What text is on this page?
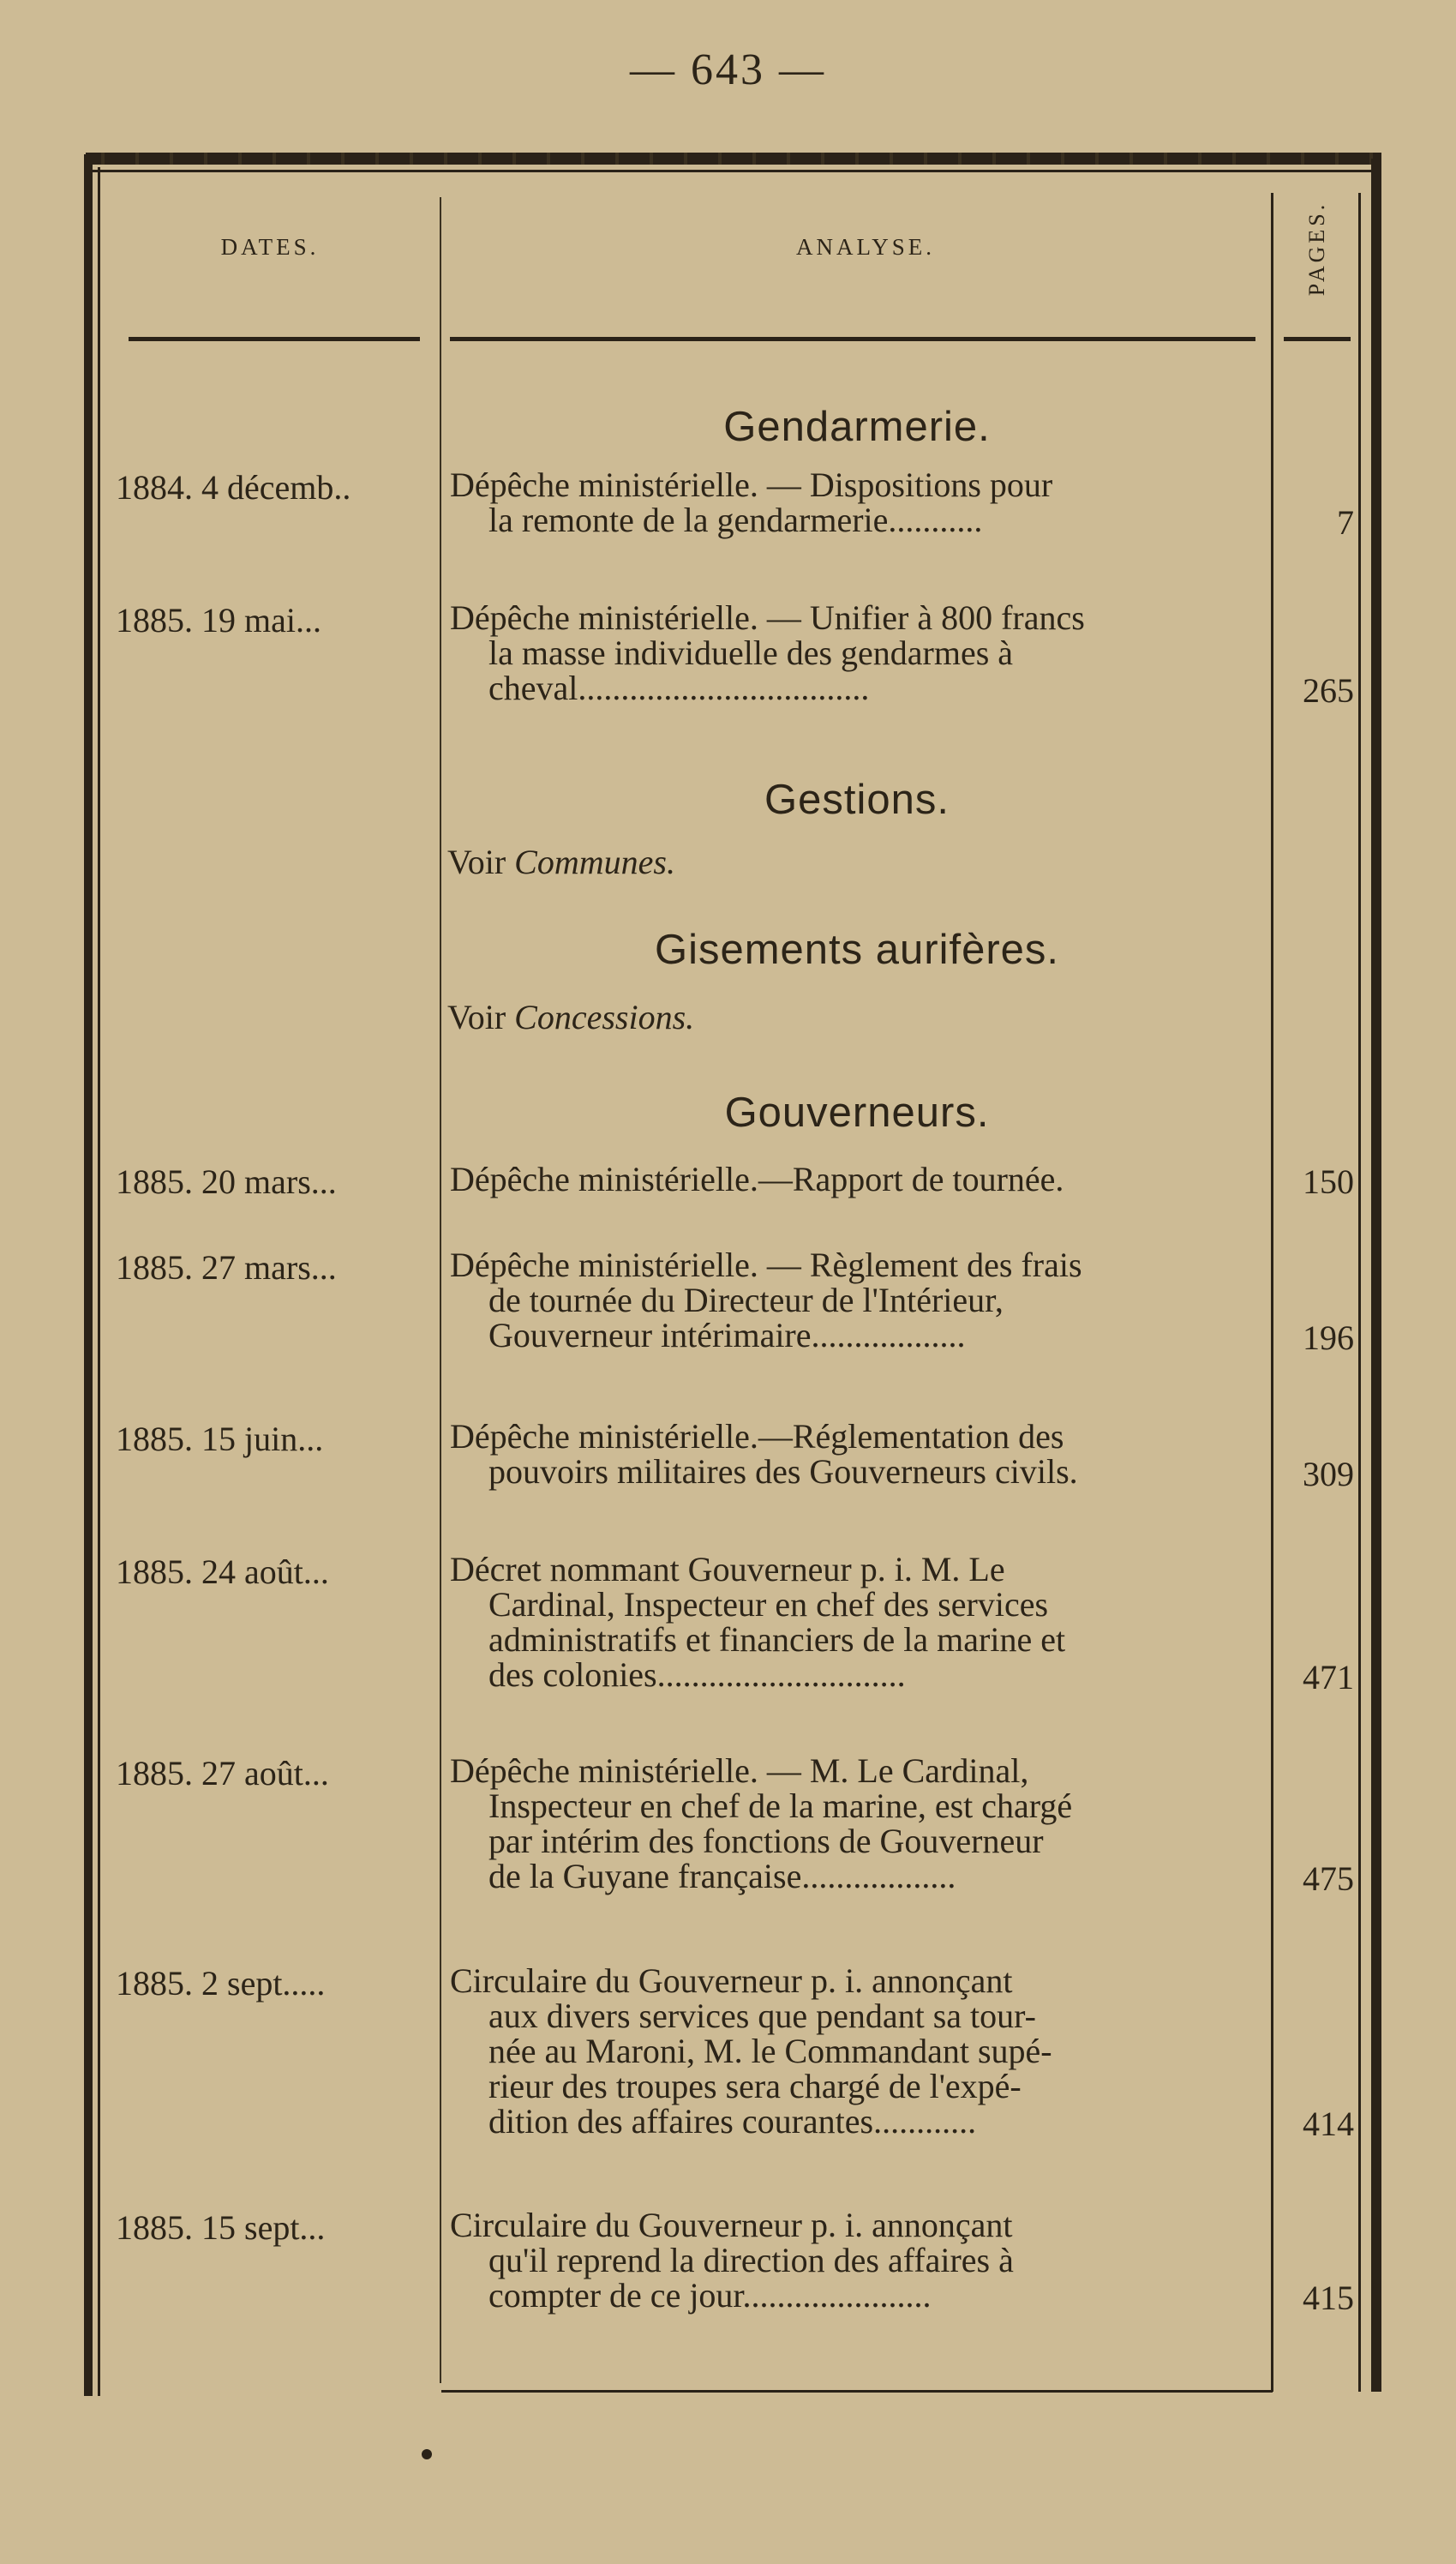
— 643 —
DATES.	ANALYSE.	PAGES.
Gendarmerie.
1884. 4 décemb..	Dépêche ministérielle. — Dispositions pour
la remonte de la gendarmerie...........	7
1885. 19 mai...	Dépêche ministérielle. — Unifier à 800 francs
la masse individuelle des gendarmes à
cheval..................................	265
Gestions.
Voir Communes.
Gisements aurifères.
Voir Concessions.
Gouverneurs.
1885. 20 mars...	Dépêche ministérielle.—Rapport de tournée.	150
1885. 27 mars...	Dépêche ministérielle. — Règlement des frais
de tournée du Directeur de l'Intérieur,
Gouverneur intérimaire..................	196
1885. 15 juin...	Dépêche ministérielle.—Réglementation des
pouvoirs militaires des Gouverneurs civils.	309
1885. 24 août...	Décret nommant Gouverneur p. i. M. Le
Cardinal, Inspecteur en chef des services
administratifs et financiers de la marine et
des colonies.............................	471
1885. 27 août...	Dépêche ministérielle. — M. Le Cardinal,
Inspecteur en chef de la marine, est chargé
par intérim des fonctions de Gouverneur
de la Guyane française..................	475
1885. 2 sept.....	Circulaire du Gouverneur p. i. annonçant
aux divers services que pendant sa tour-
née au Maroni, M. le Commandant supé-
rieur des troupes sera chargé de l'expé-
dition des affaires courantes............	414
1885. 15 sept...	Circulaire du Gouverneur p. i. annonçant
qu'il reprend la direction des affaires à
compter de ce jour......................	415
